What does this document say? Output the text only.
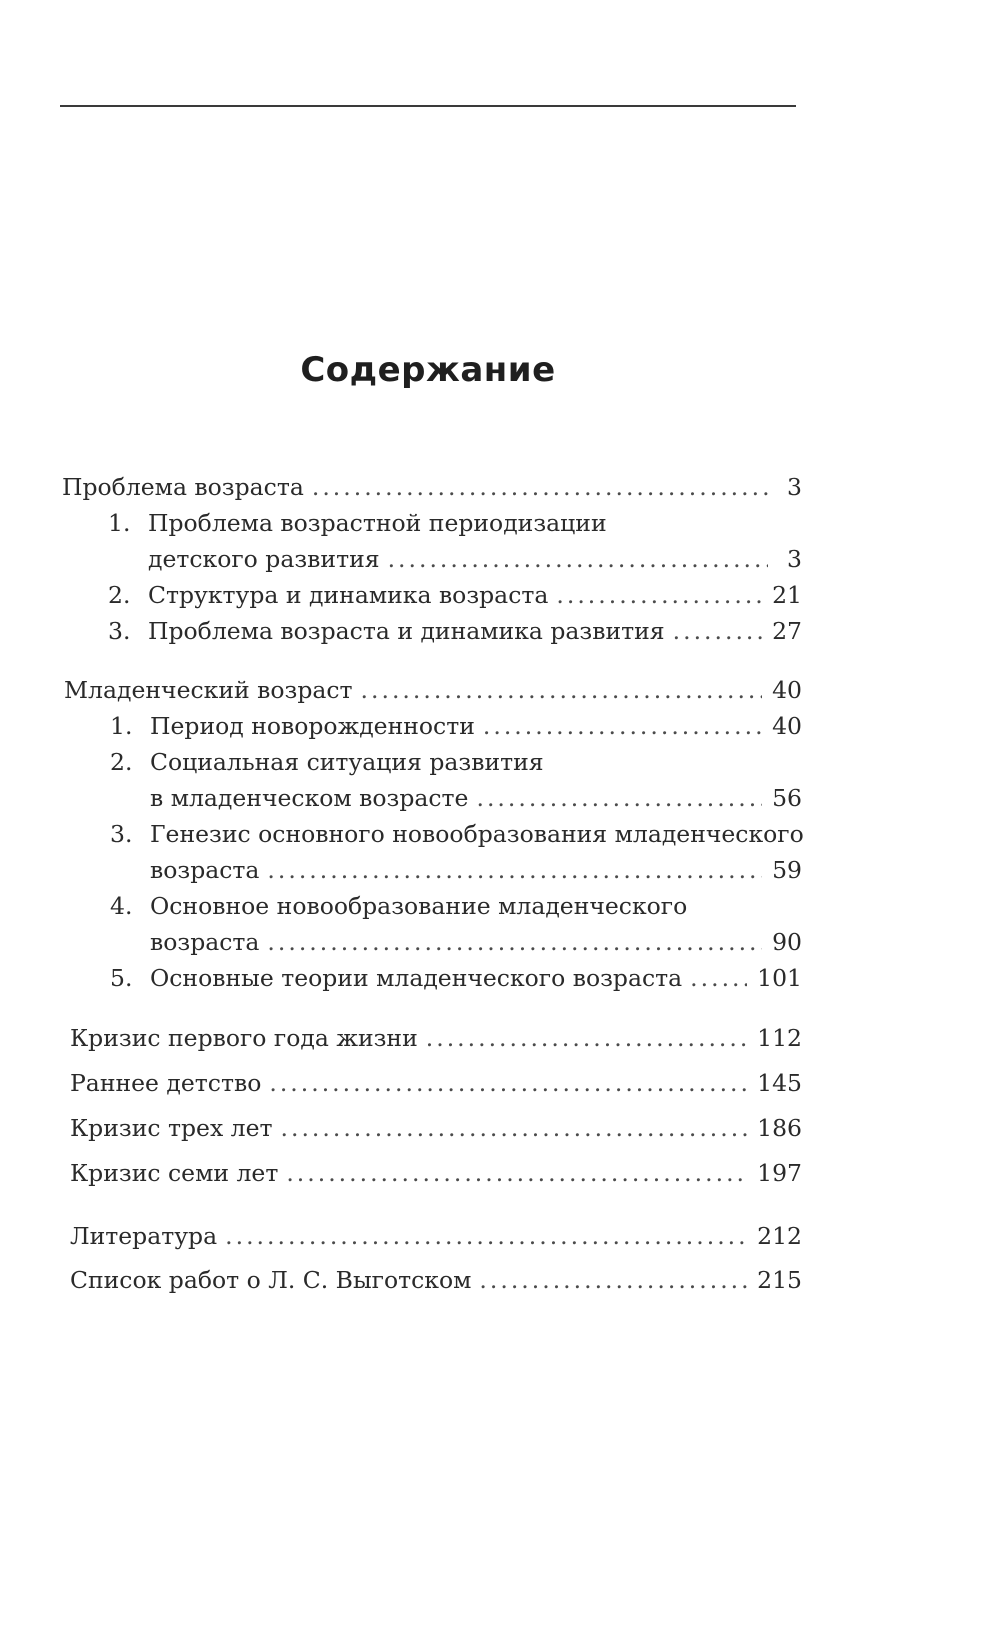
Содержание
Проблема возраста .....	3
1. Проблема возрастной периодизации
детского развития .....	3
2. Структура и динамика возраста .....	21
3. Проблема возраста и динамика развития .....	27
Младенческий возраст .....	40
1. Период новорожденности .....	40
2. Социальная ситуация развития
в младенческом возрасте .....	56
3. Генезис основного новообразования младенческого
возраста .....	59
4. Основное новообразование младенческого
возраста .....	90
5. Основные теории младенческого возраста .....	101
Кризис первого года жизни .....	112
Раннее детство .....	145
Кризис трех лет .....	186
Кризис семи лет .....	197
Литература .....	212
Список работ о Л. С. Выготском .....	215
